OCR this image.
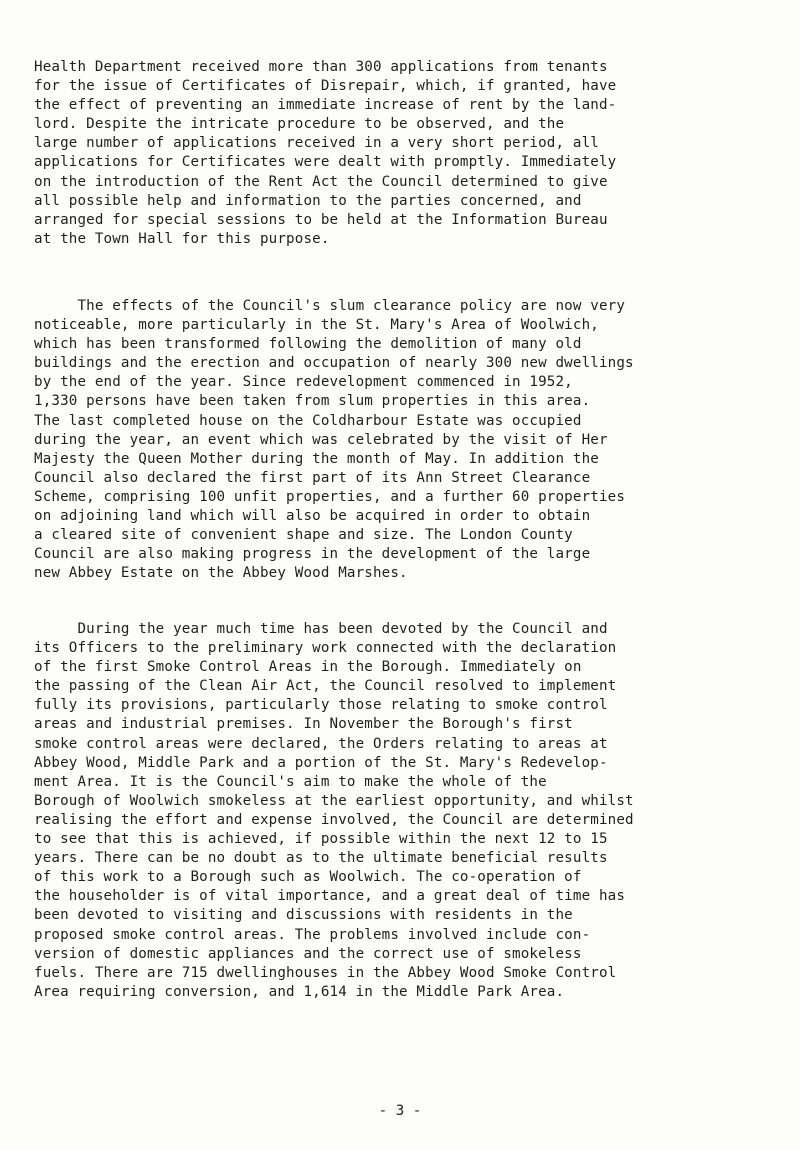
Health Department received more than 300 applications from tenants
for the issue of Certificates of Disrepair, which, if granted, have
the effect of preventing an immediate increase of rent by the land-
lord. Despite the intricate procedure to be observed, and the
large number of applications received in a very short period, all
applications for Certificates were dealt with promptly. Immediately
on the introduction of the Rent Act the Council determined to give
all possible help and information to the parties concerned, and
arranged for special sessions to be held at the Information Bureau
at the Town Hall for this purpose.
The effects of the Council's slum clearance policy are now very
noticeable, more particularly in the St. Mary's Area of Woolwich,
which has been transformed following the demolition of many old
buildings and the erection and occupation of nearly 300 new dwellings
by the end of the year. Since redevelopment commenced in 1952,
1,330 persons have been taken from slum properties in this area.
The last completed house on the Coldharbour Estate was occupied
during the year, an event which was celebrated by the visit of Her
Majesty the Queen Mother during the month of May. In addition the
Council also declared the first part of its Ann Street Clearance
Scheme, comprising 100 unfit properties, and a further 60 properties
on adjoining land which will also be acquired in order to obtain
a cleared site of convenient shape and size. The London County
Council are also making progress in the development of the large
new Abbey Estate on the Abbey Wood Marshes.
During the year much time has been devoted by the Council and
its Officers to the preliminary work connected with the declaration
of the first Smoke Control Areas in the Borough. Immediately on
the passing of the Clean Air Act, the Council resolved to implement
fully its provisions, particularly those relating to smoke control
areas and industrial premises. In November the Borough's first
smoke control areas were declared, the Orders relating to areas at
Abbey Wood, Middle Park and a portion of the St. Mary's Redevelop-
ment Area. It is the Council's aim to make the whole of the
Borough of Woolwich smokeless at the earliest opportunity, and whilst
realising the effort and expense involved, the Council are determined
to see that this is achieved, if possible within the next 12 to 15
years. There can be no doubt as to the ultimate beneficial results
of this work to a Borough such as Woolwich. The co-operation of
the householder is of vital importance, and a great deal of time has
been devoted to visiting and discussions with residents in the
proposed smoke control areas. The problems involved include con-
version of domestic appliances and the correct use of smokeless
fuels. There are 715 dwellinghouses in the Abbey Wood Smoke Control
Area requiring conversion, and 1,614 in the Middle Park Area.
- 3 -
